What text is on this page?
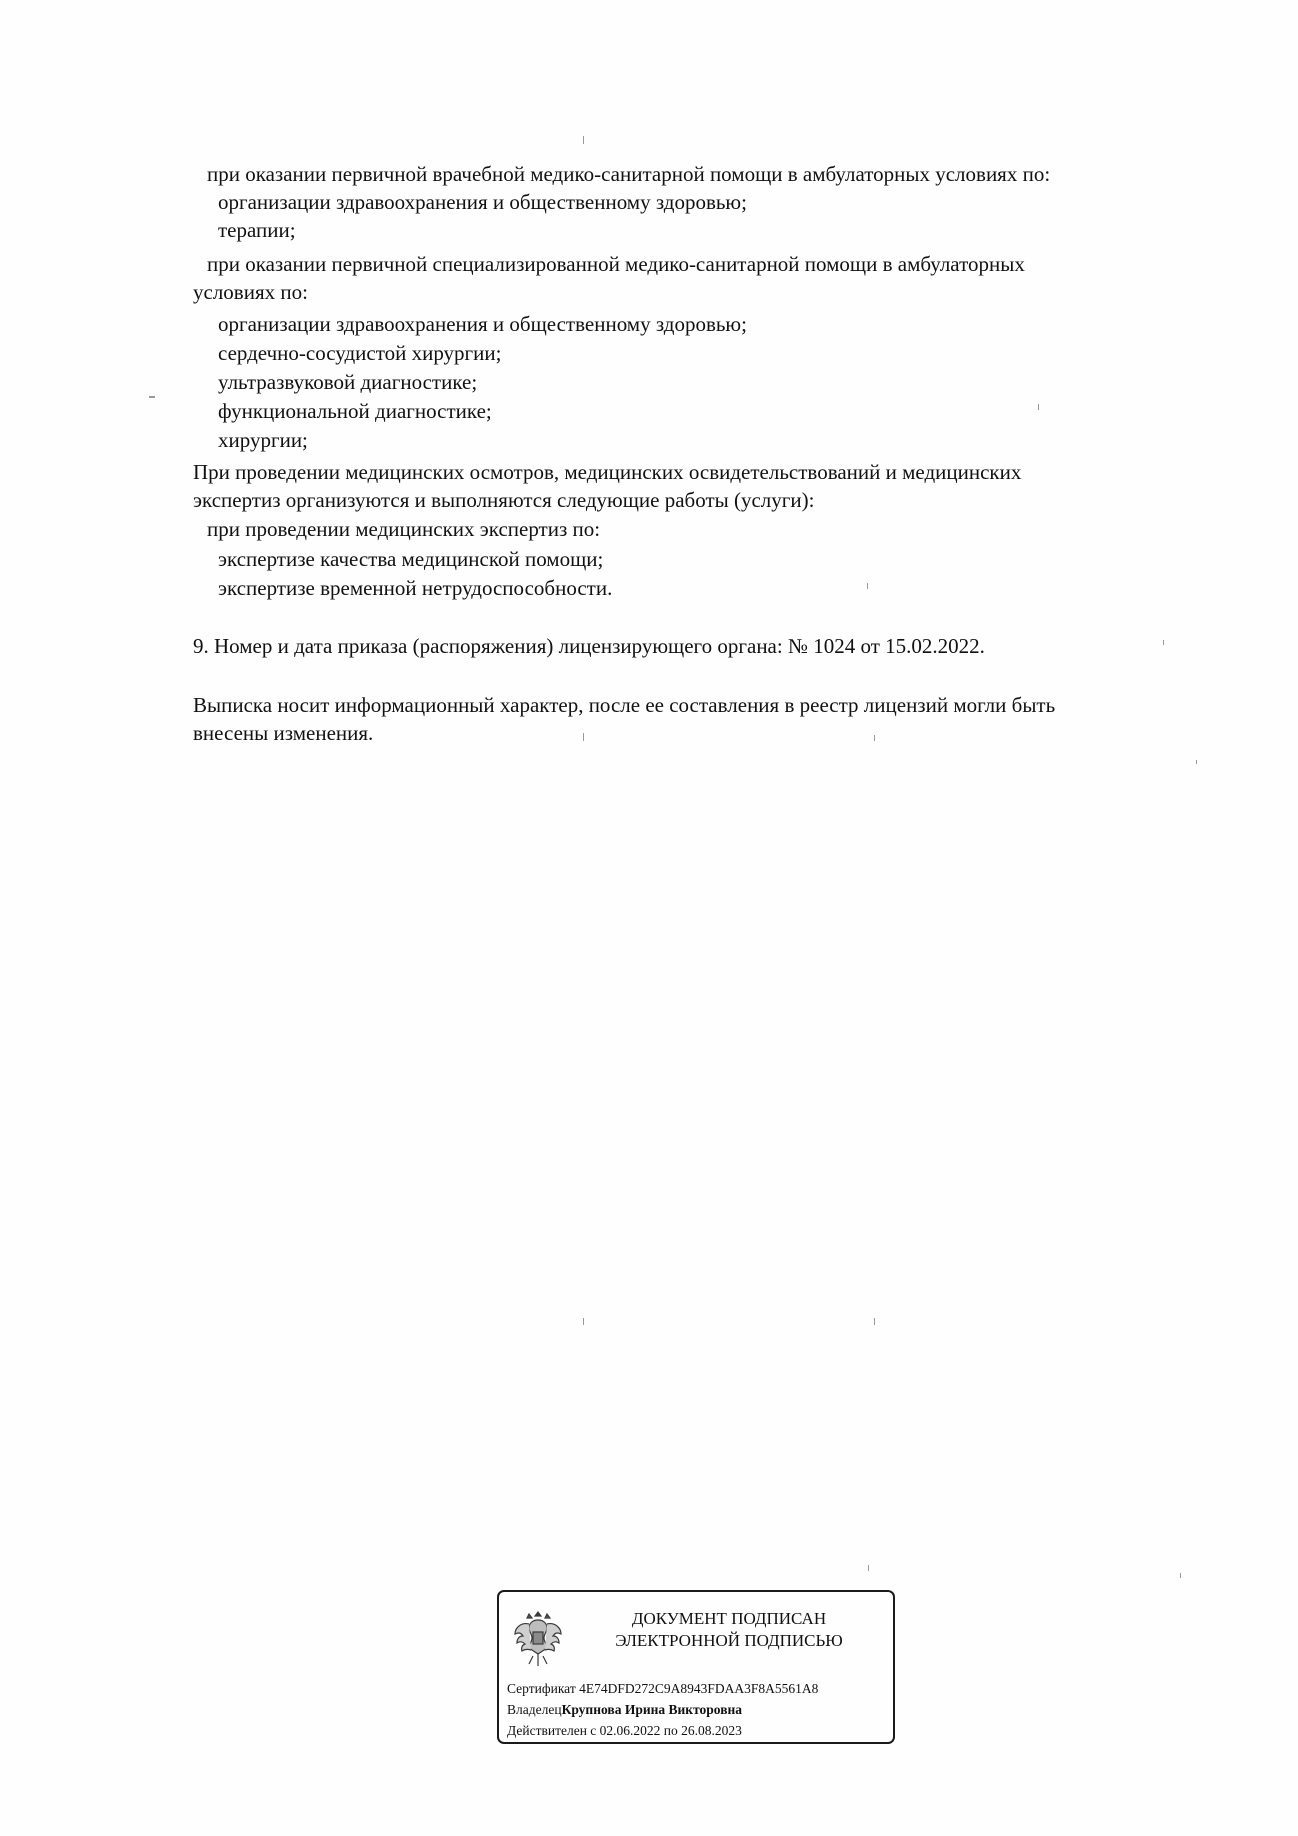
при оказании первичной врачебной медико-санитарной помощи в амбулаторных условиях по:
организации здравоохранения и общественному здоровью;
терапии;
при оказании первичной специализированной медико-санитарной помощи в амбулаторных
условиях по:
организации здравоохранения и общественному здоровью;
сердечно-сосудистой хирургии;
ультразвуковой диагностике;
функциональной диагностике;
хирургии;
При проведении медицинских осмотров, медицинских освидетельствований и медицинских
экспертиз организуются и выполняются следующие работы (услуги):
при проведении медицинских экспертиз по:
экспертизе качества медицинской помощи;
экспертизе временной нетрудоспособности.
9. Номер и дата приказа (распоряжения) лицензирующего органа: № 1024 от 15.02.2022.
Выписка носит информационный характер, после ее составления в реестр лицензий могли быть
внесены изменения.
ДОКУМЕНТ ПОДПИСАН
ЭЛЕКТРОННОЙ ПОДПИСЬЮ
Сертификат 4E74DFD272C9A8943FDAA3F8A5561A8
ВладелецКрупнова Ирина Викторовна
Действителен с 02.06.2022 по 26.08.2023
